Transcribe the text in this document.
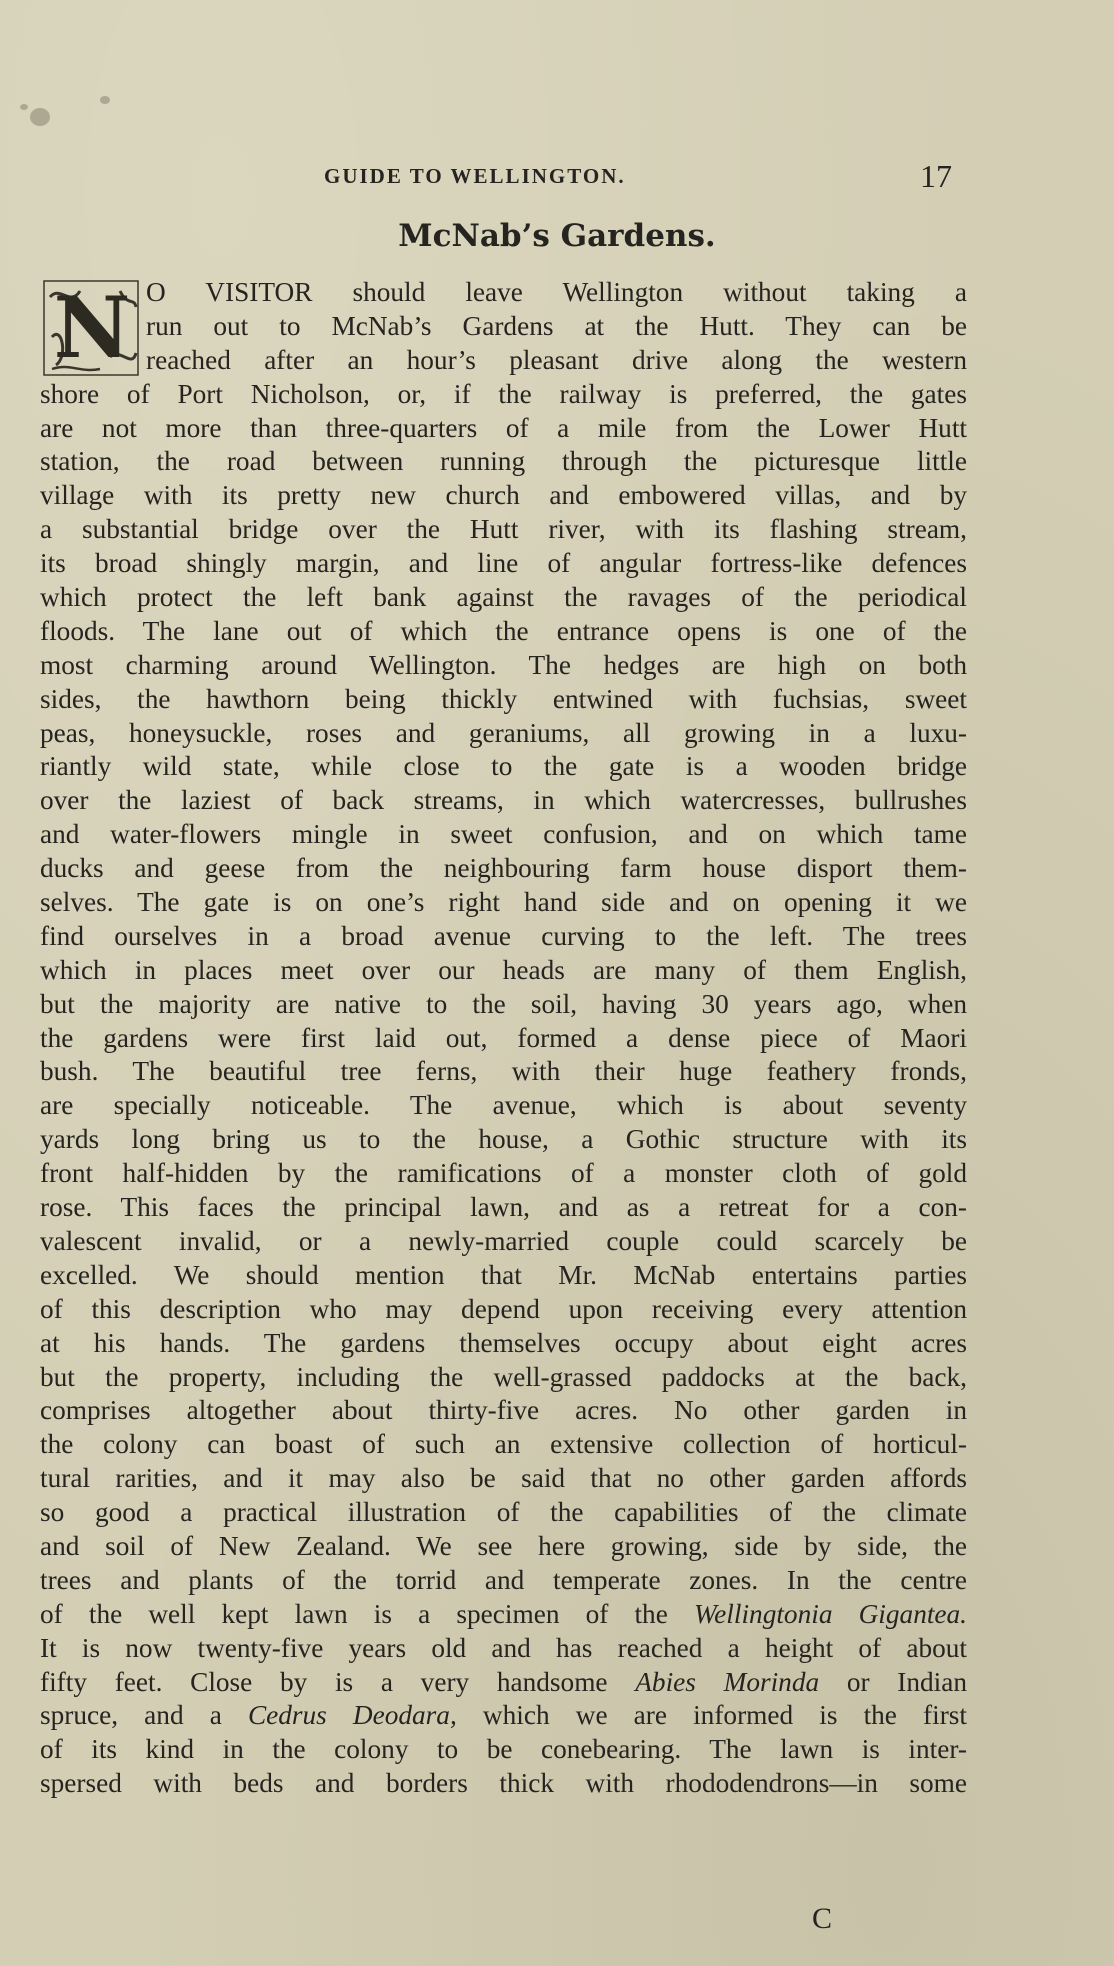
GUIDE TO WELLINGTON.	17
McNab’s Gardens.
N O VISITOR should leave Wellington without taking a
run out to McNab’s Gardens at the Hutt. They can be
reached after an hour’s pleasant drive along the western
shore of Port Nicholson, or, if the railway is preferred, the gates
are not more than three-quarters of a mile from the Lower Hutt
station, the road between running through the picturesque little
village with its pretty new church and embowered villas, and by
a substantial bridge over the Hutt river, with its flashing stream,
its broad shingly margin, and line of angular fortress-like defences
which protect the left bank against the ravages of the periodical
floods. The lane out of which the entrance opens is one of the
most charming around Wellington. The hedges are high on both
sides, the hawthorn being thickly entwined with fuchsias, sweet
peas, honeysuckle, roses and geraniums, all growing in a luxu-
riantly wild state, while close to the gate is a wooden bridge
over the laziest of back streams, in which watercresses, bullrushes
and water-flowers mingle in sweet confusion, and on which tame
ducks and geese from the neighbouring farm house disport them-
selves. The gate is on one’s right hand side and on opening it we
find ourselves in a broad avenue curving to the left. The trees
which in places meet over our heads are many of them English,
but the majority are native to the soil, having 30 years ago, when
the gardens were first laid out, formed a dense piece of Maori
bush. The beautiful tree ferns, with their huge feathery fronds,
are specially noticeable. The avenue, which is about seventy
yards long bring us to the house, a Gothic structure with its
front half-hidden by the ramifications of a monster cloth of gold
rose. This faces the principal lawn, and as a retreat for a con-
valescent invalid, or a newly-married couple could scarcely be
excelled. We should mention that Mr. McNab entertains parties
of this description who may depend upon receiving every attention
at his hands. The gardens themselves occupy about eight acres
but the property, including the well-grassed paddocks at the back,
comprises altogether about thirty-five acres. No other garden in
the colony can boast of such an extensive collection of horticul-
tural rarities, and it may also be said that no other garden affords
so good a practical illustration of the capabilities of the climate
and soil of New Zealand. We see here growing, side by side, the
trees and plants of the torrid and temperate zones. In the centre
of the well kept lawn is a specimen of the Wellingtonia Gigantea.
It is now twenty-five years old and has reached a height of about
fifty feet. Close by is a very handsome Abies Morinda or Indian
spruce, and a Cedrus Deodara, which we are informed is the first
of its kind in the colony to be conebearing. The lawn is inter-
spersed with beds and borders thick with rhododendrons—in some
C
